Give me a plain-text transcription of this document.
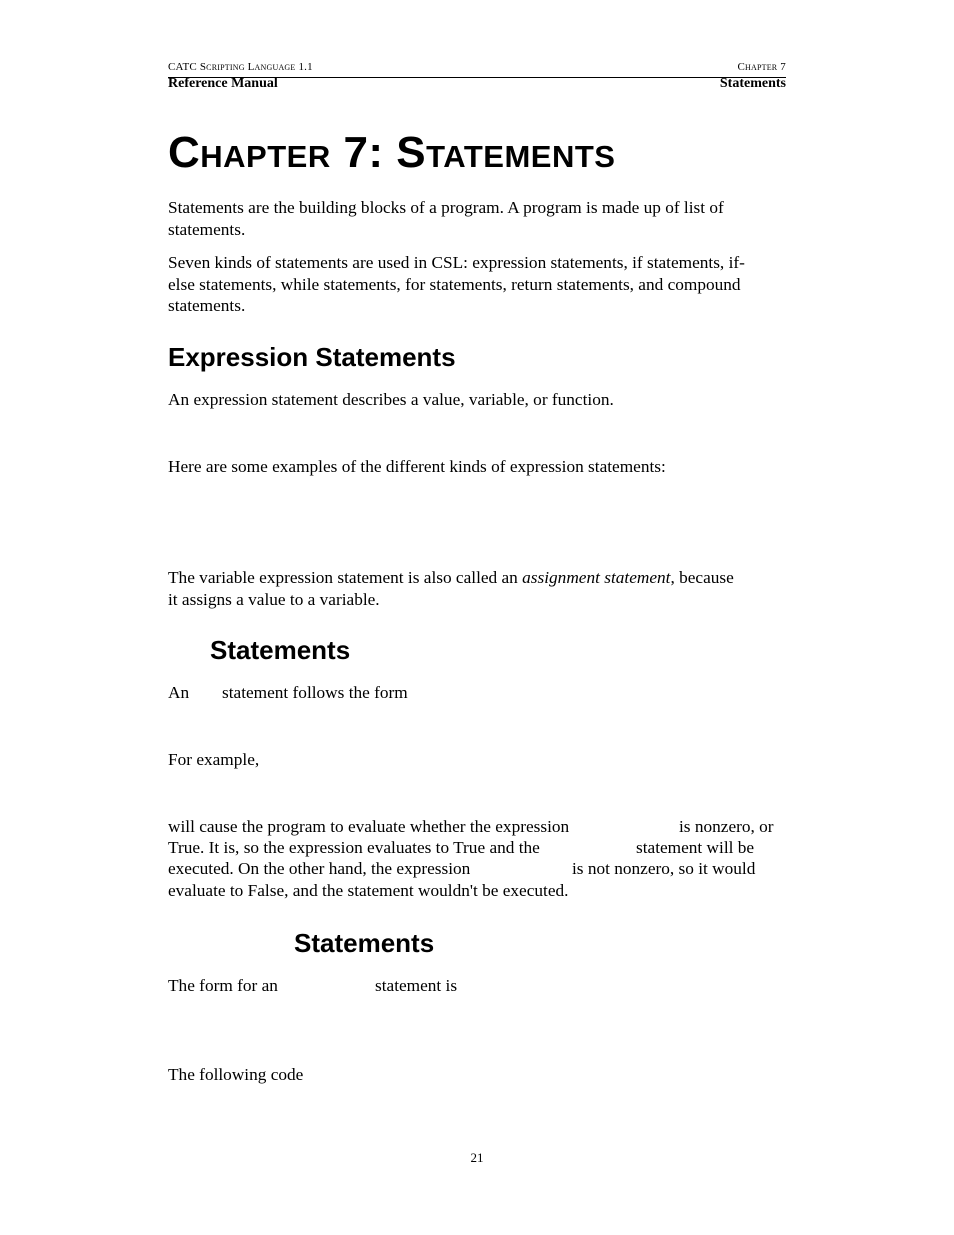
CATC Scripting Language 1.1	Chapter 7
Reference Manual	Statements
Chapter 7: Statements
Statements are the building blocks of a program. A program is made up of list of
statements.
Seven kinds of statements are used in CSL: expression statements, if statements, if-
else statements, while statements, for statements, return statements, and compound
statements.
Expression Statements
An expression statement describes a value, variable, or function.
Here are some examples of the different kinds of expression statements:
The variable expression statement is also called an assignment statement, because
it assigns a value to a variable.
Statements
An statement follows the form
For example,
will cause the program to evaluate whether the expression	is nonzero, or
True. It is, so the expression evaluates to True and the	statement will be
executed. On the other hand, the expression	is not nonzero, so it would
evaluate to False, and the statement wouldn't be executed.
Statements
The form for an	statement is
The following code
21
